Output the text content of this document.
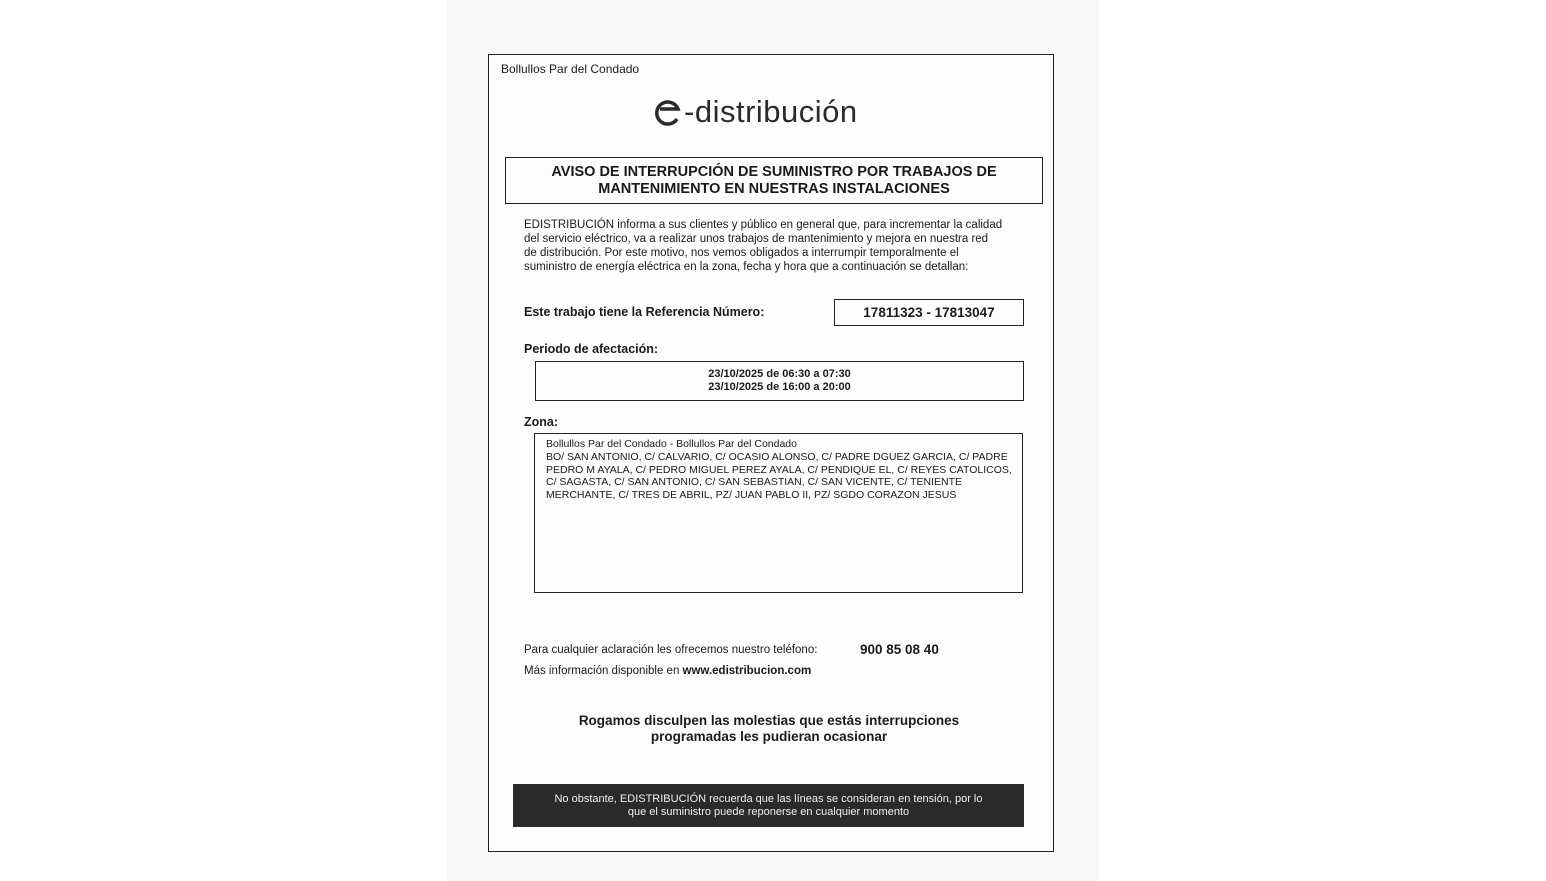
Bollullos Par del Condado
-distribución
AVISO DE INTERRUPCIÓN DE SUMINISTRO POR TRABAJOS DE
MANTENIMIENTO EN NUESTRAS INSTALACIONES
EDISTRIBUCIÓN informa a sus clientes y público en general que, para incrementar la calidad del servicio eléctrico, va a realizar unos trabajos de mantenimiento y mejora en nuestra red de distribución. Por este motivo, nos vemos obligados a interrumpir temporalmente el suministro de energía eléctrica en la zona, fecha y hora que a continuación se detallan:
Este trabajo tiene la Referencia Número:	17811323 - 17813047
Periodo de afectación:
23/10/2025 de 06:30 a 07:30
23/10/2025 de 16:00 a 20:00
Zona:
Bollullos Par del Condado - Bollullos Par del Condado
BO/ SAN ANTONIO, C/ CALVARIO, C/ OCASIO ALONSO, C/ PADRE DGUEZ GARCIA, C/ PADRE PEDRO M AYALA, C/ PEDRO MIGUEL PEREZ AYALA, C/ PENDIQUE EL, C/ REYES CATOLICOS, C/ SAGASTA, C/ SAN ANTONIO, C/ SAN SEBASTIAN, C/ SAN VICENTE, C/ TENIENTE MERCHANTE, C/ TRES DE ABRIL, PZ/ JUAN PABLO II, PZ/ SGDO CORAZON JESUS
Para cualquier aclaración les ofrecemos nuestro teléfono:	900 85 08 40
Más información disponible en www.edistribucion.com
Rogamos disculpen las molestias que estás interrupciones
programadas les pudieran ocasionar
No obstante, EDISTRIBUCIÓN recuerda que las líneas se consideran en tensión, por lo
que el suministro puede reponerse en cualquier momento
